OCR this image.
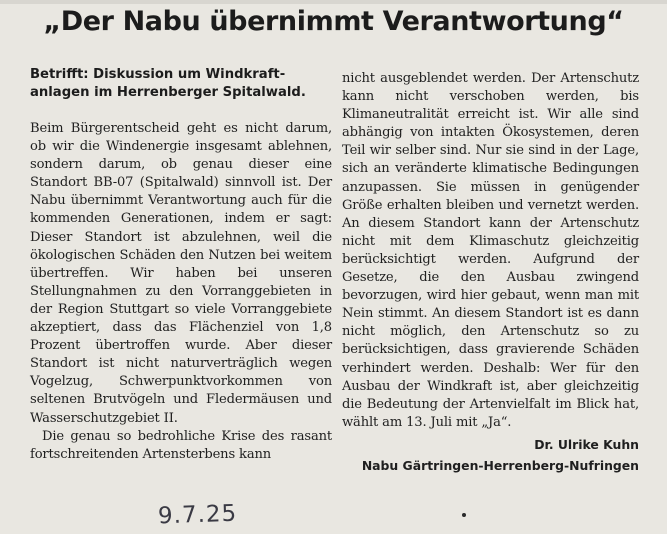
„Der Nabu übernimmt Verantwortung“
Betrifft: Diskussion um Windkraftanlagen im Herrenberger Spitalwald.

Beim Bürgerentscheid geht es nicht darum, ob wir die Windenergie insgesamt ablehnen, sondern darum, ob genau dieser eine Standort BB-07 (Spitalwald) sinnvoll ist. Der Nabu übernimmt Verantwortung auch für die kommenden Generationen, indem er sagt: Dieser Standort ist abzulehnen, weil die ökologischen Schäden den Nutzen bei weitem übertreffen. Wir haben bei unseren Stellungnahmen zu den Vorranggebieten in der Region Stuttgart so viele Vorranggebiete akzeptiert, dass das Flächenziel von 1,8 Prozent übertroffen wurde. Aber dieser Standort ist nicht naturverträglich wegen Vogelzug, Schwerpunktvorkommen von seltenen Brutvögeln und Fledermäusen und Wasserschutzgebiet II.

Die genau so bedrohliche Krise des rasant fortschreitenden Artensterbens kann

nicht ausgeblendet werden. Der Artenschutz kann nicht verschoben werden, bis Klimaneutralität erreicht ist. Wir alle sind abhängig von intakten Ökosystemen, deren Teil wir selber sind. Nur sie sind in der Lage, sich an veränderte klimatische Bedingungen anzupassen. Sie müssen in genügender Größe erhalten bleiben und vernetzt werden. An diesem Standort kann der Artenschutz nicht mit dem Klimaschutz gleichzeitig berücksichtigt werden. Aufgrund der Gesetze, die den Ausbau zwingend bevorzugen, wird hier gebaut, wenn man mit Nein stimmt. An diesem Standort ist es dann nicht möglich, den Artenschutz so zu berücksichtigen, dass gravierende Schäden verhindert werden. Deshalb: Wer für den Ausbau der Windkraft ist, aber gleichzeitig die Bedeutung der Artenvielfalt im Blick hat, wählt am 13. Juli mit „Ja“.

Dr. Ulrike Kuhn
Nabu Gärtringen-Herrenberg-Nufringen
9.7.25
